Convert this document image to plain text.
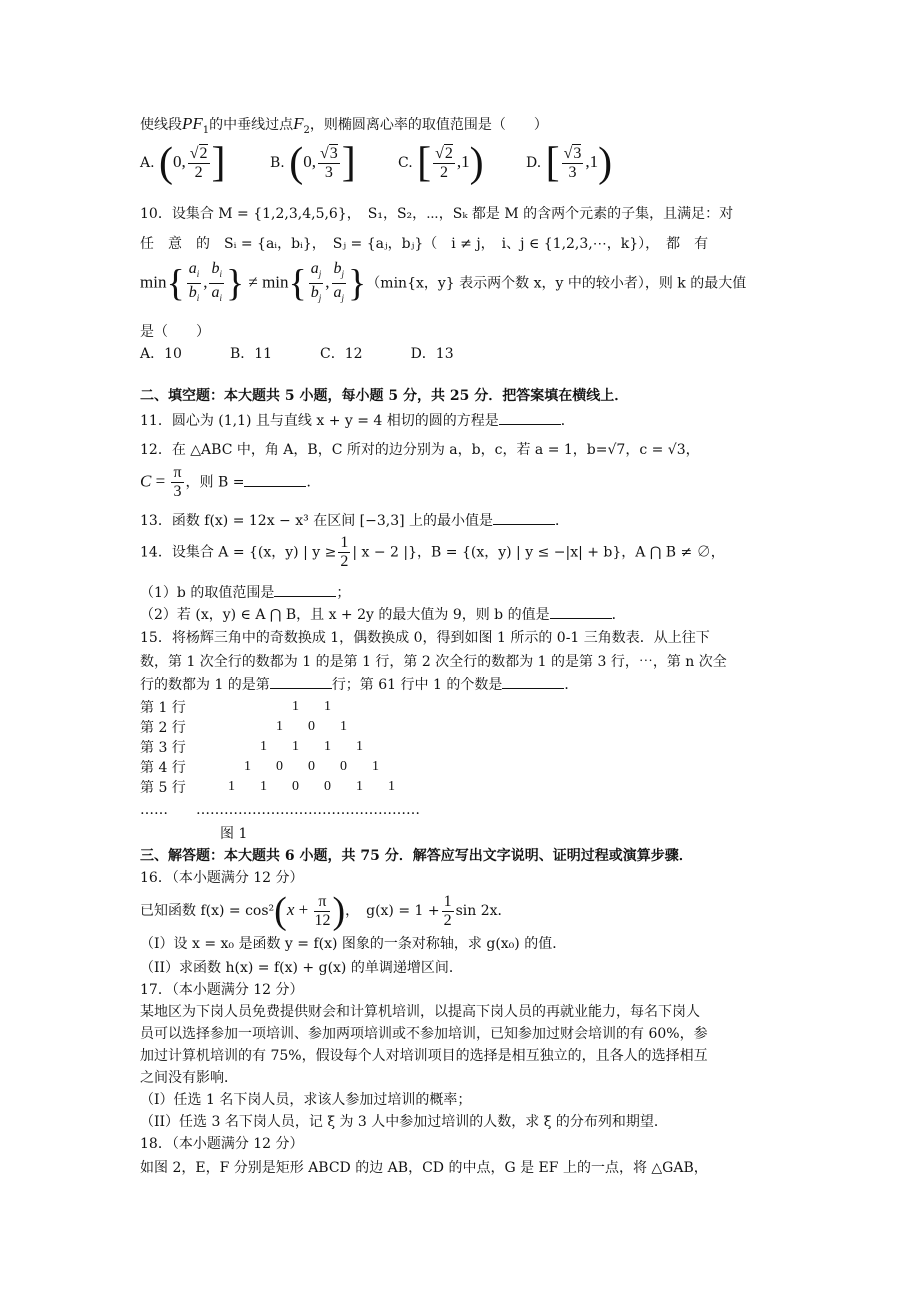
使线段$PF_1$的中垂线过点$F_2$，则椭圆离心率的取值范围是（　　）
A. (0, $\frac{√2}{2}$ ]	B. (0, $\frac{√3}{3}$ ]	C. [ $\frac{√2}{2} ,1$)	D. [ $\frac{√3}{3} ,1$)
10．设集合 M = {1,2,3,4,5,6}，　S₁，S₂，⋯，Sₖ 都是 M 的含两个元素的子集，且满足：对
任　意　的　Sᵢ = {aᵢ，bᵢ}，　Sⱼ = {aⱼ，bⱼ}（　i ≠ j，　i、j ∈ {1,2,3,⋯，k}），　都　有
$\min\{ \frac{a_i}{b_i}$ , $\frac{b_i}{a_i}$ } ≠ $\min\{ \frac{a_j}{b_j}$ , $\frac{b_j}{a_j} \}(\min\{x$，y} 表示两个数 x，y 中的较小者），则 k 的最大值
是（　　）
A．10	B．11	C．12	D．13
二、填空题：本大题共 5 小题，每小题 5 分，共 25 分．把答案填在横线上．
11．圆心为 (1,1) 且与直线 x + y = 4 相切的圆的方程是	．
12．在 △ABC 中，角 A，B，C 所对的边分别为 a，b，c，若 a = 1，b=√7，c = √3，
$C = \frac{\pi}{3}$ ，则 B =	．
13．函数 f(x) = 12x − x³ 在区间 [−3,3] 上的最小值是	．
14．设集合 A = {(x，y) | $y \ge \frac{1}{2}$ | x − 2 |}，B = {(x，y) | y ≤ −|x| + b}，A ⋂ B ≠ ∅，
（1）b 的取值范围是	；
（2）若 (x，y) ∈ A ⋂ B，且 x + 2y 的最大值为 9，则 b 的值是	．
15．将杨辉三角中的奇数换成 1，偶数换成 0，得到如图 1 所示的 0-1 三角数表．从上往下
数，第 1 次全行的数都为 1 的是第 1 行，第 2 次全行的数都为 1 的是第 3 行，⋯，第 n 次全
行的数都为 1 的是第	行；第 61 行中 1 的个数是	．
第 1 行	1 1
第 2 行	1 0 1
第 3 行	1 1 1 1
第 4 行	1 0 0 0 1
第 5 行	1 1 0 0 1 1
…… …………………………………………
图 1
三、解答题：本大题共 6 小题，共 75 分．解答应写出文字说明、证明过程或演算步骤．
16．（本小题满分 12 分）
已知函数 $f(x) = \cos^2(x + \frac{\pi}{12}$ )，　$g(x) = 1 + \frac{1}{2}$ sin 2x．
（I）设 x = x₀ 是函数 y = f(x) 图象的一条对称轴，求 g(x₀) 的值．
（II）求函数 h(x) = f(x) + g(x) 的单调递增区间．
17．（本小题满分 12 分）
某地区为下岗人员免费提供财会和计算机培训，以提高下岗人员的再就业能力，每名下岗人
员可以选择参加一项培训、参加两项培训或不参加培训，已知参加过财会培训的有 60%，参
加过计算机培训的有 75%，假设每个人对培训项目的选择是相互独立的，且各人的选择相互
之间没有影响．
（I）任选 1 名下岗人员，求该人参加过培训的概率；
（II）任选 3 名下岗人员，记 ξ 为 3 人中参加过培训的人数，求 ξ 的分布列和期望．
18．（本小题满分 12 分）
如图 2，E，F 分别是矩形 ABCD 的边 AB，CD 的中点，G 是 EF 上的一点，将 △GAB，
